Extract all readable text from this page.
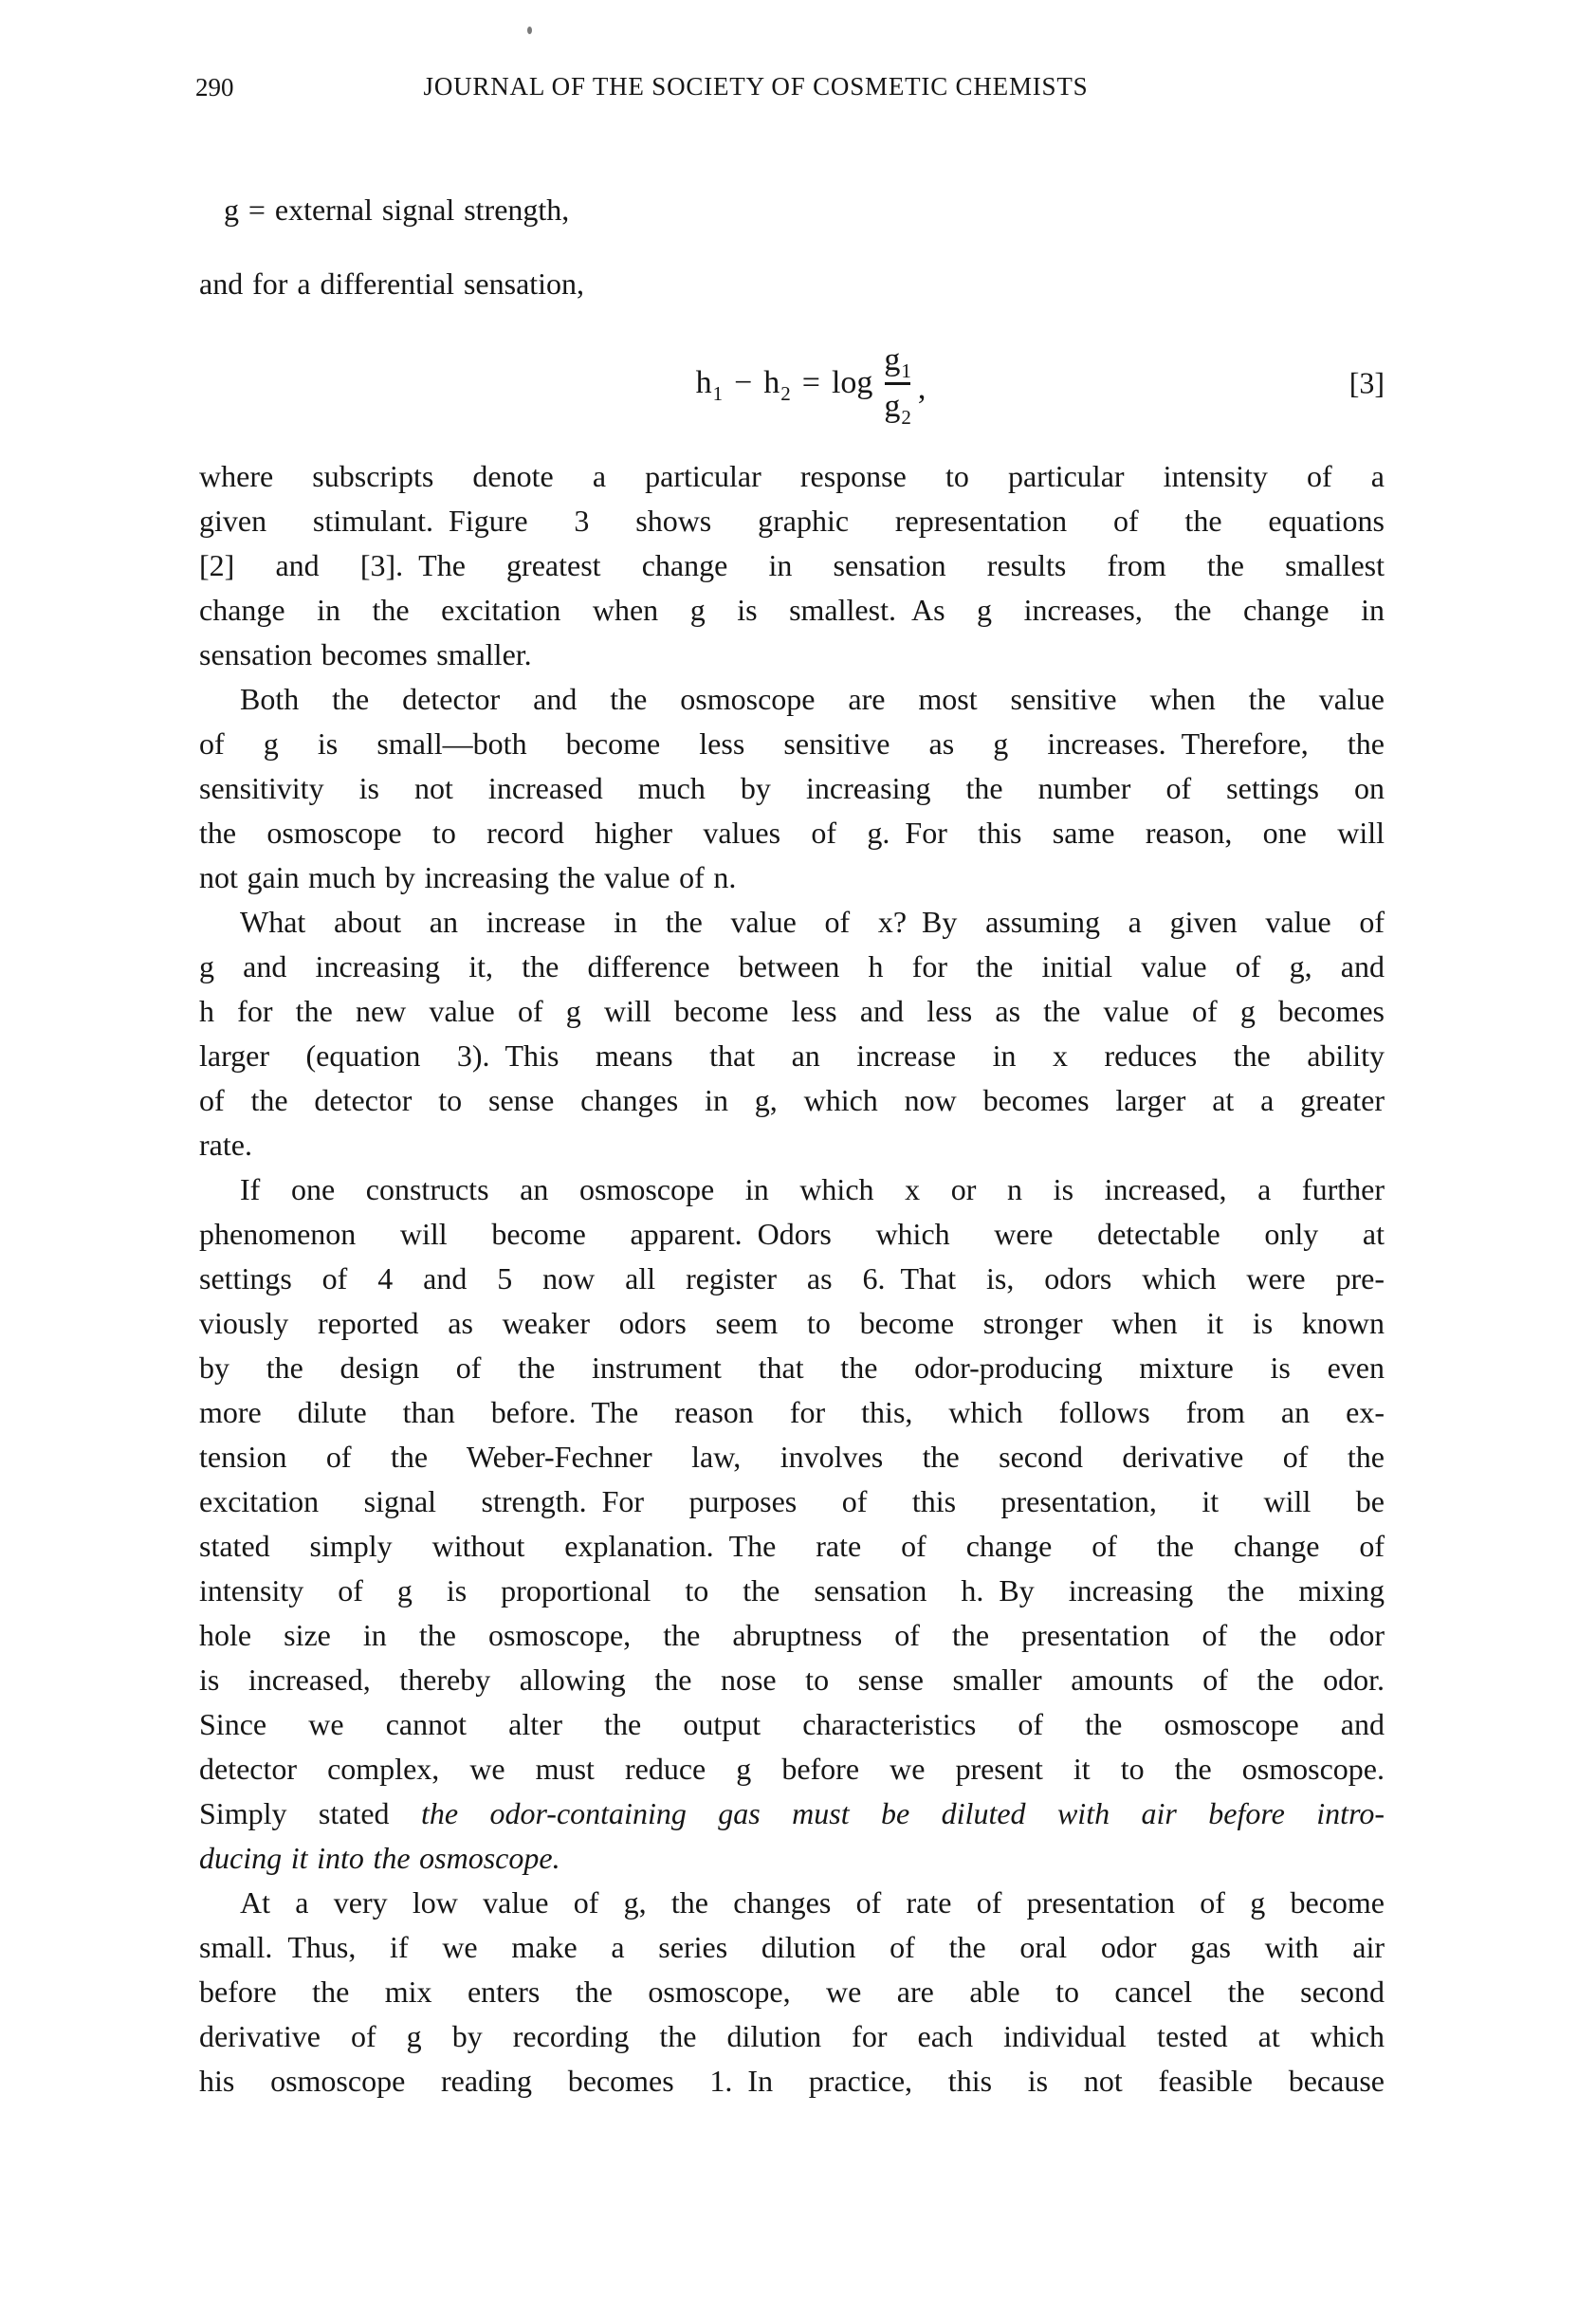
290	JOURNAL OF THE SOCIETY OF COSMETIC CHEMISTS
g = external signal strength,
and for a differential sensation,
h 1 − h $2 = \log \frac{g 1}{g 2}$ ,	[3]
where subscripts denote a particular response to particular intensity of a
given stimulant. Figure 3 shows graphic representation of the equations
[2] and [3]. The greatest change in sensation results from the smallest
change in the excitation when g is smallest. As g increases, the change in
sensation becomes smaller.
Both the detector and the osmoscope are most sensitive when the value
of g is small—both become less sensitive as g increases. Therefore, the
sensitivity is not increased much by increasing the number of settings on
the osmoscope to record higher values of g. For this same reason, one will
not gain much by increasing the value of n.
What about an increase in the value of x? By assuming a given value of
g and increasing it, the difference between h for the initial value of g, and
h for the new value of g will become less and less as the value of g becomes
larger (equation 3). This means that an increase in x reduces the ability
of the detector to sense changes in g, which now becomes larger at a greater
rate.
If one constructs an osmoscope in which x or n is increased, a further
phenomenon will become apparent. Odors which were detectable only at
settings of 4 and 5 now all register as 6. That is, odors which were pre-
viously reported as weaker odors seem to become stronger when it is known
by the design of the instrument that the odor-producing mixture is even
more dilute than before. The reason for this, which follows from an ex-
tension of the Weber-Fechner law, involves the second derivative of the
excitation signal strength. For purposes of this presentation, it will be
stated simply without explanation. The rate of change of the change of
intensity of g is proportional to the sensation h. By increasing the mixing
hole size in the osmoscope, the abruptness of the presentation of the odor
is increased, thereby allowing the nose to sense smaller amounts of the odor.
Since we cannot alter the output characteristics of the osmoscope and
detector complex, we must reduce g before we present it to the osmoscope.
Simply stated the odor-containing gas must be diluted with air before intro-
ducing it into the osmoscope.
At a very low value of g, the changes of rate of presentation of g become
small. Thus, if we make a series dilution of the oral odor gas with air
before the mix enters the osmoscope, we are able to cancel the second
derivative of g by recording the dilution for each individual tested at which
his osmoscope reading becomes 1. In practice, this is not feasible because
